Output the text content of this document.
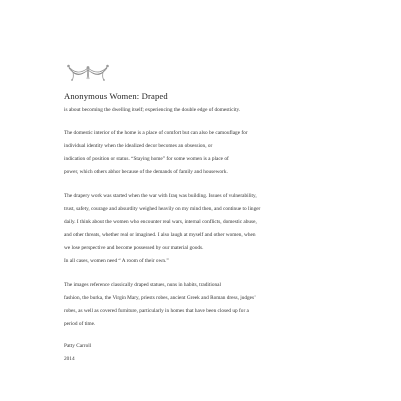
Anonymous Women: Draped
is about becoming the dwelling itself; experiencing the double edge of domesticity.
The domestic interior of the home is a place of comfort but can also be camouflage for
individual identity when the idealized decor becomes an obsession, or
indication of position or status. “Staying home” for some women is a place of
power, which others abhor because of the demands of family and housework.
The drapery work was started when the war with Iraq was building. Issues of vulnerability,
trust, safety, courage and absurdity weighed heavily on my mind then, and continue to linger
daily. I think about the women who encounter real wars, internal conflicts, domestic abuse,
and other threats, whether real or imagined. I also laugh at myself and other women, when
we lose perspective and become possessed by our material goods.
In all cases, women need “ A room of their own.”
The images reference classically draped statues, nuns in habits, traditional
fashion, the burka, the Virgin Mary, priests robes, ancient Greek and Roman dress, judges’
robes, as well as covered furniture, particularly in homes that have been closed up for a
period of time.
Patty Carroll
2014
